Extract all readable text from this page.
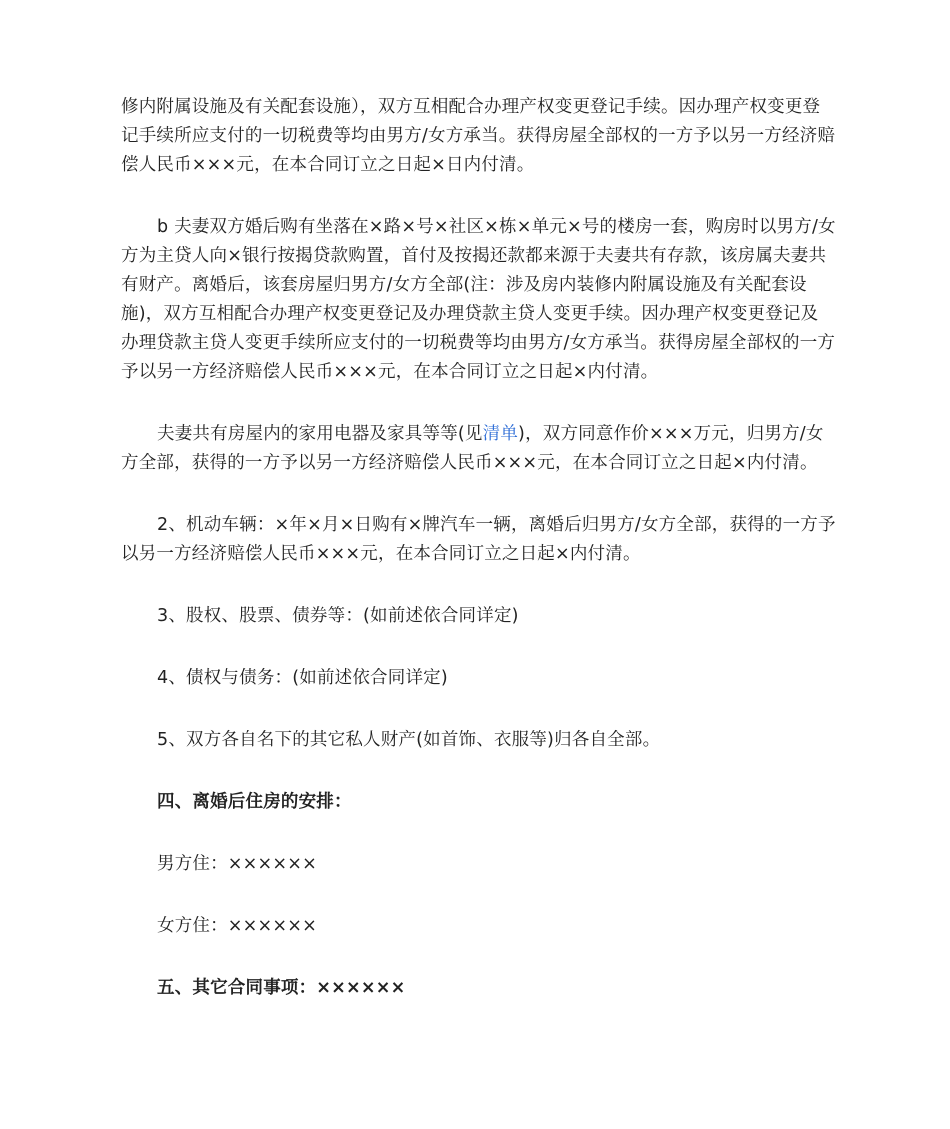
修内附属设施及有关配套设施），双方互相配合办理产权变更登记手续。因办理产权变更登记手续所应支付的一切税费等均由男方/女方承当。获得房屋全部权的一方予以另一方经济赔偿人民币×××元，在本合同订立之日起×日内付清。

b 夫妻双方婚后购有坐落在×路×号×社区×栋×单元×号的楼房一套，购房时以男方/女方为主贷人向×银行按揭贷款购置，首付及按揭还款都来源于夫妻共有存款，该房属夫妻共有财产。离婚后，该套房屋归男方/女方全部(注：涉及房内装修内附属设施及有关配套设施)，双方互相配合办理产权变更登记及办理贷款主贷人变更手续。因办理产权变更登记及办理贷款主贷人变更手续所应支付的一切税费等均由男方/女方承当。获得房屋全部权的一方予以另一方经济赔偿人民币×××元，在本合同订立之日起×内付清。

夫妻共有房屋内的家用电器及家具等等(见清单)，双方同意作价×××万元，归男方/女方全部，获得的一方予以另一方经济赔偿人民币×××元，在本合同订立之日起×内付清。

2、机动车辆：×年×月×日购有×牌汽车一辆，离婚后归男方/女方全部，获得的一方予以另一方经济赔偿人民币×××元，在本合同订立之日起×内付清。

3、股权、股票、债券等：(如前述依合同详定)

4、债权与债务：(如前述依合同详定)

5、双方各自名下的其它私人财产(如首饰、衣服等)归各自全部。

四、离婚后住房的安排：

男方住：××××××

女方住：××××××

五、其它合同事项：××××××
